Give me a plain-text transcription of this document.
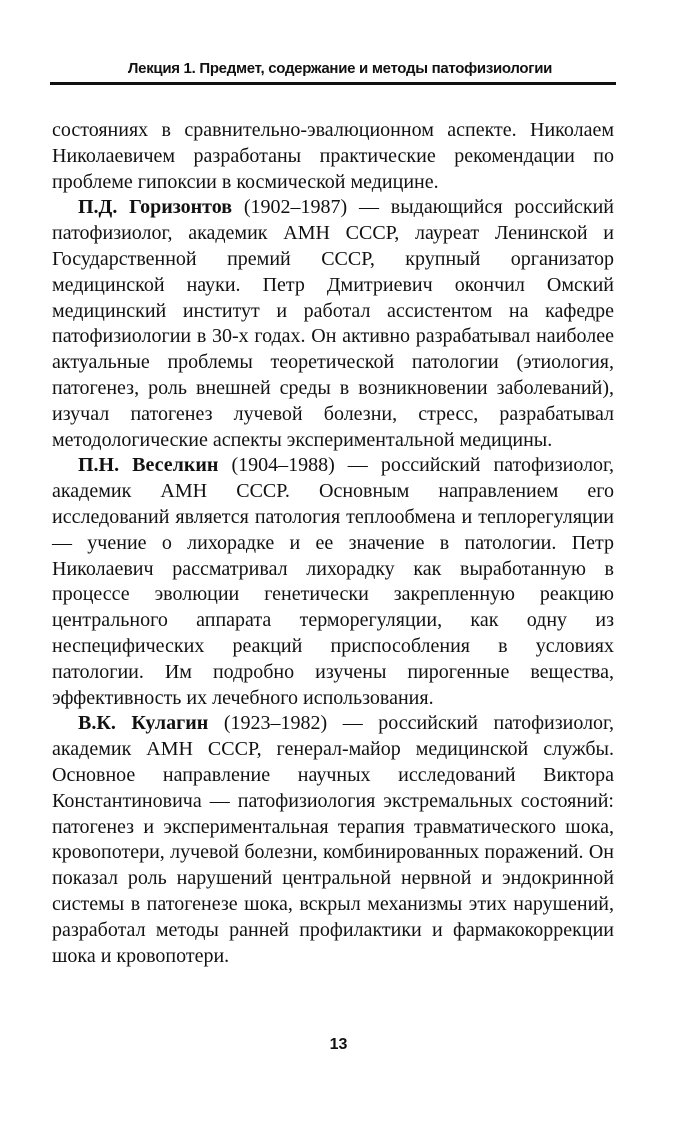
Лекция 1. Предмет, содержание и методы патофизиологии

состояниях в сравнительно-эвалюционном аспекте. Николаем Николаевичем разработаны практические рекомендации по проблеме гипоксии в космической медицине.

П.Д. Горизонтов (1902–1987) — выдающийся российский патофизиолог, академик АМН СССР, лауреат Ленинской и Государственной премий СССР, крупный организатор медицинской науки. Петр Дмитриевич окончил Омский медицинский институт и работал ассистентом на кафедре патофизиологии в 30-х годах. Он активно разрабатывал наиболее актуальные проблемы теоретической патологии (этиология, патогенез, роль внешней среды в возникновении заболеваний), изучал патогенез лучевой болезни, стресс, разрабатывал методологические аспекты экспериментальной медицины.

П.Н. Веселкин (1904–1988) — российский патофизиолог, академик АМН СССР. Основным направлением его исследований является патология теплообмена и теплорегуляции — учение о лихорадке и ее значение в патологии. Петр Николаевич рассматривал лихорадку как выработанную в процессе эволюции генетически закрепленную реакцию центрального аппарата терморегуляции, как одну из неспецифических реакций приспособления в условиях патологии. Им подробно изучены пирогенные вещества, эффективность их лечебного использования.

В.К. Кулагин (1923–1982) — российский патофизиолог, академик АМН СССР, генерал-майор медицинской службы. Основное направление научных исследований Виктора Константиновича — патофизиология экстремальных состояний: патогенез и экспериментальная терапия травматического шока, кровопотери, лучевой болезни, комбинированных поражений. Он показал роль нарушений центральной нервной и эндокринной системы в патогенезе шока, вскрыл механизмы этих нарушений, разработал методы ранней профилактики и фармакокоррекции шока и кровопотери.

13
